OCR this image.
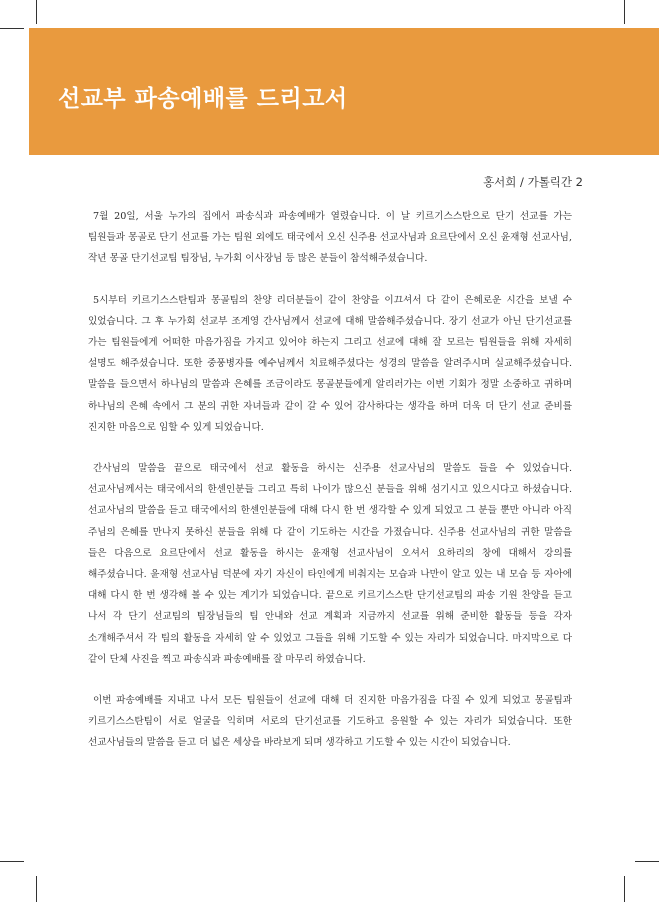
선교부 파송예배를 드리고서
홍서희 / 가톨릭간 2

7월 20일, 서울 누가의 집에서 파송식과 파송예배가 열렸습니다. 이 날 키르기스스탄으로 단기 선교를 가는 팀원들과 몽골로 단기 선교를 가는 팀원 외에도 태국에서 오신 신주용 선교사님과 요르단에서 오신 윤재형 선교사님, 작년 몽골 단기선교팀 팀장님, 누가회 이사장님 등 많은 분들이 참석해주셨습니다.

5시부터 키르기스스탄팀과 몽골팀의 찬양 리더분들이 같이 찬양을 이끄셔서 다 같이 은혜로운 시간을 보낼 수 있었습니다. 그 후 누가회 선교부 조계영 간사님께서 선교에 대해 말씀해주셨습니다. 장기 선교가 아닌 단기선교를 가는 팀원들에게 어떠한 마음가짐을 가지고 있어야 하는지 그리고 선교에 대해 잘 모르는 팀원들을 위해 자세히 설명도 해주셨습니다. 또한 중풍병자를 예수님께서 치료해주셨다는 성경의 말씀을 알려주시며 실교해주셨습니다. 말씀을 들으면서 하나님의 말씀과 은혜를 조금이라도 몽골분들에게 알리러가는 이번 기회가 정말 소중하고 귀하며 하나님의 은혜 속에서 그 분의 귀한 자녀들과 같이 갈 수 있어 감사하다는 생각을 하며 더욱 더 단기 선교 준비를 진지한 마음으로 임할 수 있게 되었습니다.

간사님의 말씀을 끝으로 태국에서 선교 활동을 하시는 신주용 선교사님의 말씀도 들을 수 있었습니다. 선교사님께서는 태국에서의 한센인분들 그리고 특히 나이가 많으신 분들을 위해 섬기시고 있으시다고 하셨습니다. 선교사님의 말씀을 듣고 태국에서의 한센인분들에 대해 다시 한 번 생각할 수 있게 되었고 그 분들 뿐만 아니라 아직 주님의 은혜를 만나지 못하신 분들을 위해 다 같이 기도하는 시간을 가졌습니다. 신주용 선교사님의 귀한 말씀을 들은 다음으로 요르단에서 선교 활동을 하시는 윤재형 선교사님이 오셔서 요하리의 창에 대해서 강의를 해주셨습니다. 윤재형 선교사님 덕분에 자기 자신이 타인에게 비춰지는 모습과 나만이 알고 있는 내 모습 등 자아에 대해 다시 한 번 생각해 볼 수 있는 계기가 되었습니다. 끝으로 키르기스스탄 단기선교팀의 파송 기원 찬양을 듣고 나서 각 단기 선교팀의 팀장님들의 팀 안내와 선교 계획과 지금까지 선교를 위해 준비한 활동들 등을 각자 소개해주셔서 각 팀의 활동을 자세히 알 수 있었고 그들을 위해 기도할 수 있는 자리가 되었습니다. 마지막으로 다 같이 단체 사진을 찍고 파송식과 파송예배를 잘 마무리 하였습니다.

이번 파송예배를 지내고 나서 모든 팀원들이 선교에 대해 더 진지한 마음가짐을 다질 수 있게 되었고 몽골팀과 키르기스스탄팀이 서로 얼굴을 익히며 서로의 단기선교를 기도하고 응원할 수 있는 자리가 되었습니다. 또한 선교사님들의 말씀을 듣고 더 넓은 세상을 바라보게 되며 생각하고 기도할 수 있는 시간이 되었습니다.
